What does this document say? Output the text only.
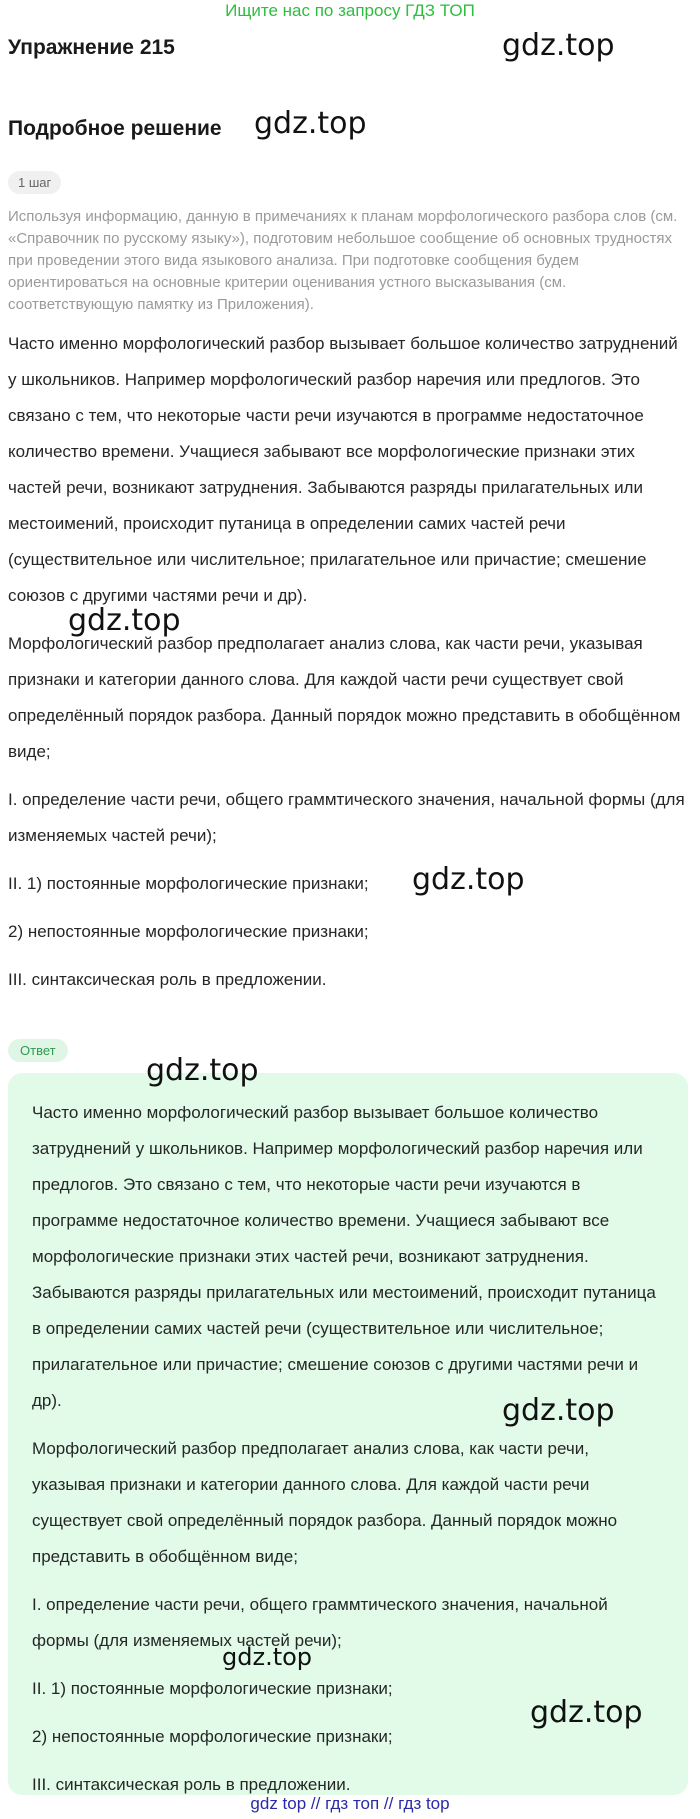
Ищите нас по запросу ГДЗ ТОП
Упражнение 215	gdz.top
Подробное решение gdz.top
1 шаг

Используя информацию, данную в примечаниях к планам морфологического разбора слов (см. «Справочник по русскому языку»), подготовим небольшое сообщение об основных трудностях при проведении этого вида языкового анализа. При подготовке сообщения будем ориентироваться на основные критерии оценивания устного высказывания (см. соответствующую памятку из Приложения).

Часто именно морфологический разбор вызывает большое количество затруднений у школьников. Например морфологический разбор наречия или предлогов. Это связано с тем, что некоторые части речи изучаются в программе недостаточное количество времени. Учащиеся забывают все морфологические признаки этих частей речи, возникают затруднения. Забываются разряды прилагательных или местоимений, происходит путаница в определении самих частей речи (существительное или числительное; прилагательное или причастие; смешение союзов с другими частями речи и др).

Морфологический разбор предполагает анализ слова, как части речи, указывая признаки и категории данного слова. Для каждой части речи существует свой определённый порядок разбора. Данный порядок можно представить в обобщённом виде;

I. определение части речи, общего граммтического значения, начальной формы (для изменяемых частей речи);

II. 1) постоянные морфологические признаки;

2) непостоянные морфологические признаки;

III. синтаксическая роль в предложении.

gdz.top
gdz.top
Ответ

Часто именно морфологический разбор вызывает большое количество затруднений у школьников. Например морфологический разбор наречия или предлогов. Это связано с тем, что некоторые части речи изучаются в программе недостаточное количество времени. Учащиеся забывают все морфологические признаки этих частей речи, возникают затруднения. Забываются разряды прилагательных или местоимений, происходит путаница в определении самих частей речи (существительное или числительное; прилагательное или причастие; смешение союзов с другими частями речи и др).

Морфологический разбор предполагает анализ слова, как части речи, указывая признаки и категории данного слова. Для каждой части речи существует свой определённый порядок разбора. Данный порядок можно представить в обобщённом виде;

I. определение части речи, общего граммтического значения, начальной формы (для изменяемых частей речи);

II. 1) постоянные морфологические признаки;

2) непостоянные морфологические признаки;

III. синтаксическая роль в предложении.

gdz.top
gdz.top
gdz.top
gdz.top
gdz top // гдз топ // гдз top
